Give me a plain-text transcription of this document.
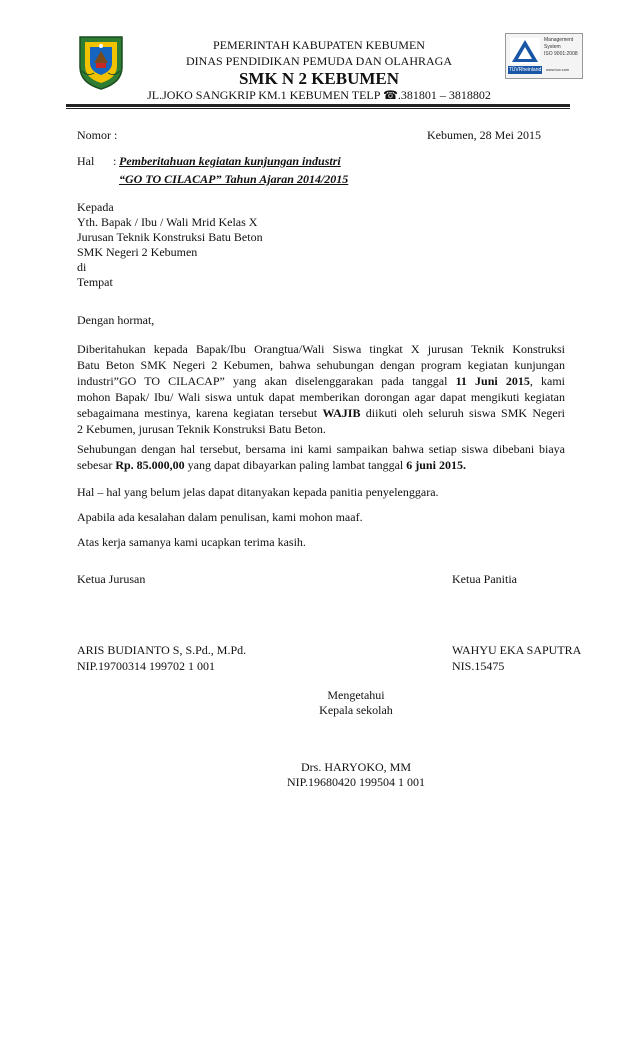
PEMERINTAH KABUPATEN KEBUMEN
DINAS PENDIDIKAN PEMUDA DAN OLAHRAGA
SMK N 2 KEBUMEN
JL.JOKO SANGKRIP KM.1 KEBUMEN TELP ☎.381801 – 3818802
Management
System
ISO 9001:2008
TÜVRheinland www.tuv.com
Nomor :	Kebumen, 28 Mei 2015
Hal : Pemberitahuan kegiatan kunjungan industri
“GO TO CILACAP” Tahun Ajaran 2014/2015
Kepada
Yth. Bapak / Ibu / Wali Mrid Kelas X
Jurusan Teknik Konstruksi Batu Beton
SMK Negeri 2 Kebumen
di
Tempat
Dengan hormat,
Diberitahukan kepada Bapak/Ibu Orangtua/Wali Siswa tingkat X jurusan Teknik Konstruksi
Batu Beton SMK Negeri 2 Kebumen, bahwa sehubungan dengan program kegiatan kunjungan
industri”GO TO CILACAP” yang akan diselenggarakan pada tanggal 11 Juni 2015, kami
mohon Bapak/ Ibu/ Wali siswa untuk dapat memberikan dorongan agar dapat mengikuti kegiatan
sebagaimana mestinya, karena kegiatan tersebut WAJIB diikuti oleh seluruh siswa SMK Negeri
2 Kebumen, jurusan Teknik Konstruksi Batu Beton.
Sehubungan dengan hal tersebut, bersama ini kami sampaikan bahwa setiap siswa dibebani biaya
sebesar Rp. 85.000,00 yang dapat dibayarkan paling lambat tanggal 6 juni 2015.
Hal – hal yang belum jelas dapat ditanyakan kepada panitia penyelenggara.
Apabila ada kesalahan dalam penulisan, kami mohon maaf.
Atas kerja samanya kami ucapkan terima kasih.
Ketua Jurusan	Ketua Panitia
ARIS BUDIANTO S, S.Pd., M.Pd.
NIP.19700314 199702 1 001
WAHYU EKA SAPUTRA
NIS.15475
Mengetahui
Kepala sekolah
Drs. HARYOKO, MM
NIP.19680420 199504 1 001
